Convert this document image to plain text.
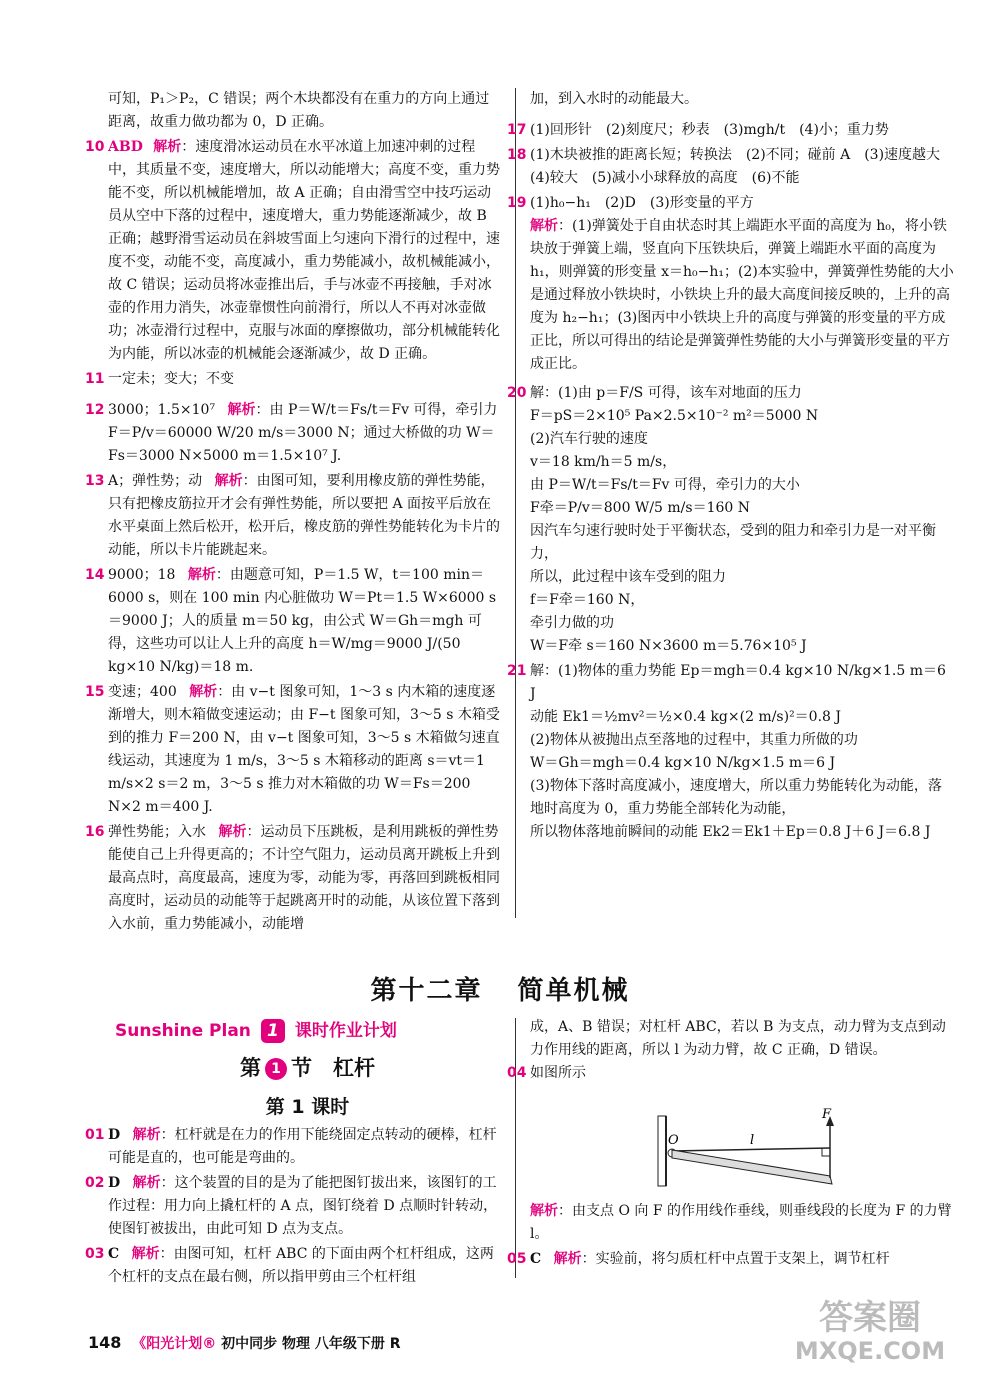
可知，P₁＞P₂，C 错误；两个木块都没有在重力的方向上通过距离，故重力做功都为 0，D 正确。

10 ABD 解析：速度滑冰运动员在水平冰道上加速冲刺的过程中，其质量不变，速度增大，所以动能增大；高度不变，重力势能不变，所以机械能增加，故 A 正确；自由滑雪空中技巧运动员从空中下落的过程中，速度增大，重力势能逐渐减少，故 B 正确；越野滑雪运动员在斜坡雪面上匀速向下滑行的过程中，速度不变，动能不变，高度减小，重力势能减小，故机械能减小，故 C 错误；运动员将冰壶推出后，手与冰壶不再接触，手对冰壶的作用力消失，冰壶靠惯性向前滑行，所以人不再对冰壶做功；冰壶滑行过程中，克服与冰面的摩擦做功，部分机械能转化为内能，所以冰壶的机械能会逐渐减少，故 D 正确。
11 一定未；变大；不变
12 3000；1.5×10⁷ 解析：由 P＝W/t＝Fs/t＝Fv 可得，牵引力 F＝P/v＝60000 W/20 m/s＝3000 N；通过大桥做的功 W＝Fs＝3000 N×5000 m＝1.5×10⁷ J.
13 A；弹性势；动 解析：由图可知，要利用橡皮筋的弹性势能，只有把橡皮筋拉开才会有弹性势能，所以要把 A 面按平后放在水平桌面上然后松开，松开后，橡皮筋的弹性势能转化为卡片的动能，所以卡片能跳起来。
14 9000；18 解析：由题意可知，P＝1.5 W，t＝100 min＝6000 s，则在 100 min 内心脏做功 W＝Pt＝1.5 W×6000 s＝9000 J；人的质量 m＝50 kg，由公式 W＝Gh＝mgh 可得，这些功可以让人上升的高度 h＝W/mg＝9000 J/(50 kg×10 N/kg)＝18 m.
15 变速；400 解析：由 v−t 图象可知，1～3 s 内木箱的速度逐渐增大，则木箱做变速运动；由 F−t 图象可知，3～5 s 木箱受到的推力 F＝200 N，由 v−t 图象可知，3～5 s 木箱做匀速直线运动，其速度为 1 m/s，3～5 s 木箱移动的距离 s＝vt＝1 m/s×2 s＝2 m，3～5 s 推力对木箱做的功 W＝Fs＝200 N×2 m＝400 J.
16 弹性势能；入水 解析：运动员下压跳板，是利用跳板的弹性势能使自己上升得更高的；不计空气阻力，运动员离开跳板上升到最高点时，高度最高，速度为零，动能为零，再落回到跳板相同高度时，运动员的动能等于起跳离开时的动能，从该位置下落到入水前，重力势能减小，动能增

加，到入水时的动能最大。

17 (1)回形针　(2)刻度尺；秒表　(3)mgh/t　(4)小；重力势
18 (1)木块被推的距离长短；转换法　(2)不同；碰前 A　(3)速度越大　(4)较大　(5)减小小球释放的高度　(6)不能
19 (1)h₀−h₁　(2)D　(3)形变量的平方
解析：(1)弹簧处于自由状态时其上端距水平面的高度为 h₀，将小铁块放于弹簧上端，竖直向下压铁块后，弹簧上端距水平面的高度为 h₁，则弹簧的形变量 x＝h₀−h₁；(2)本实验中，弹簧弹性势能的大小是通过释放小铁块时，小铁块上升的最大高度间接反映的，上升的高度为 h₂−h₁；(3)图丙中小铁块上升的高度与弹簧的形变量的平方成正比，所以可得出的结论是弹簧弹性势能的大小与弹簧形变量的平方成正比。
20 解：(1)由 p＝F/S 可得，该车对地面的压力

F＝pS＝2×10⁵ Pa×2.5×10⁻² m²＝5000 N

(2)汽车行驶的速度

v＝18 km/h＝5 m/s，

由 P＝W/t＝Fs/t＝Fv 可得，牵引力的大小

F牵＝P/v＝800 W/5 m/s＝160 N

因汽车匀速行驶时处于平衡状态，受到的阻力和牵引力是一对平衡力，

所以，此过程中该车受到的阻力

f＝F牵＝160 N，

牵引力做的功

W＝F牵 s＝160 N×3600 m＝5.76×10⁵ J

21 解：(1)物体的重力势能 Ep＝mgh＝0.4 kg×10 N/kg×1.5 m＝6 J

动能 Ek1＝½mv²＝½×0.4 kg×(2 m/s)²＝0.8 J

(2)物体从被抛出点至落地的过程中，其重力所做的功

W＝Gh＝mgh＝0.4 kg×10 N/kg×1.5 m＝6 J

(3)物体下落时高度减小，速度增大，所以重力势能转化为动能，落地时高度为 0，重力势能全部转化为动能，

所以物体落地前瞬间的动能 Ek2＝Ek1＋Ep＝0.8 J＋6 J＝6.8 J

第十二章 简单机械
Sunshine Plan 1 课时作业计划
第 1 节　杠杆
第 1 课时
01 D 解析：杠杆就是在力的作用下能绕固定点转动的硬棒，杠杆可能是直的，也可能是弯曲的。
02 D 解析：这个装置的目的是为了能把图钉拔出来，该图钉的工作过程：用力向上撬杠杆的 A 点，图钉绕着 D 点顺时针转动，使图钉被拔出，由此可知 D 点为支点。
03 C 解析：由图可知，杠杆 ABC 的下面由两个杠杆组成，这两个杠杆的支点在最右侧，所以指甲剪由三个杠杆组

成，A、B 错误；对杠杆 ABC，若以 B 为支点，动力臂为支点到动力作用线的距离，所以 l 为动力臂，故 C 正确，D 错误。

04 如图所示
O	l
F
解析：由支点 O 向 F 的作用线作垂线，则垂线段的长度为 F 的力臂 l。
05 C 解析：实验前，将匀质杠杆中点置于支架上，调节杠杆
148 《阳光计划® 初中同步 物理 八年级下册 R
答案圈
MXQE.COM
